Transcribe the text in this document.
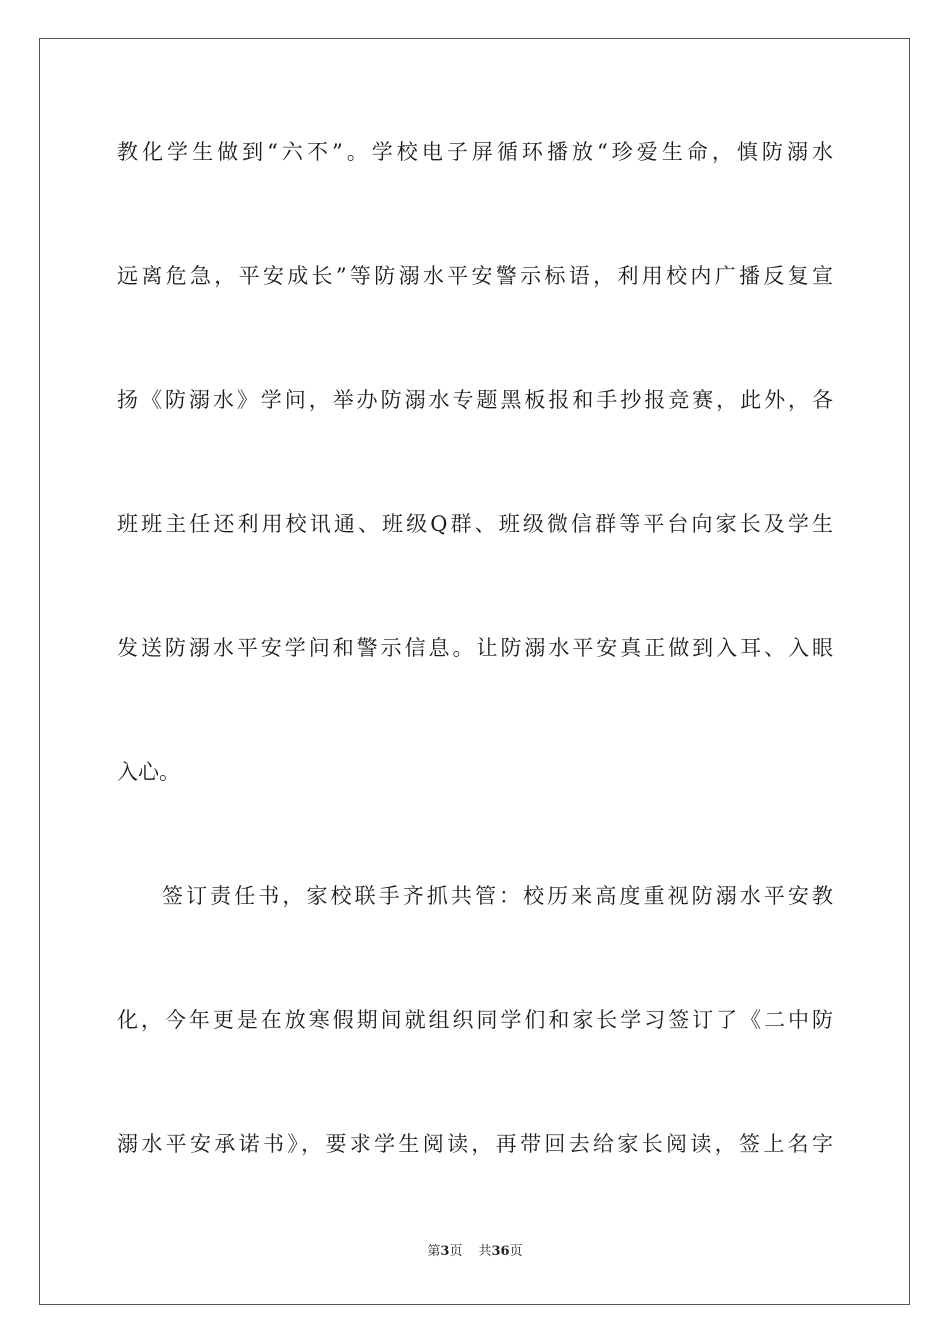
教化学生做到“六不”。学校电子屏循环播放“珍爱生命，慎防溺水
远离危急，平安成长”等防溺水平安警示标语，利用校内广播反复宣
扬《防溺水》学问，举办防溺水专题黑板报和手抄报竞赛，此外，各
班班主任还利用校讯通、班级Q群、班级微信群等平台向家长及学生
发送防溺水平安学问和警示信息。让防溺水平安真正做到入耳、入眼
入心。
签订责任书，家校联手齐抓共管：校历来高度重视防溺水平安教
化，今年更是在放寒假期间就组织同学们和家长学习签订了《二中防
溺水平安承诺书》，要求学生阅读，再带回去给家长阅读，签上名字
第3页 共36页
